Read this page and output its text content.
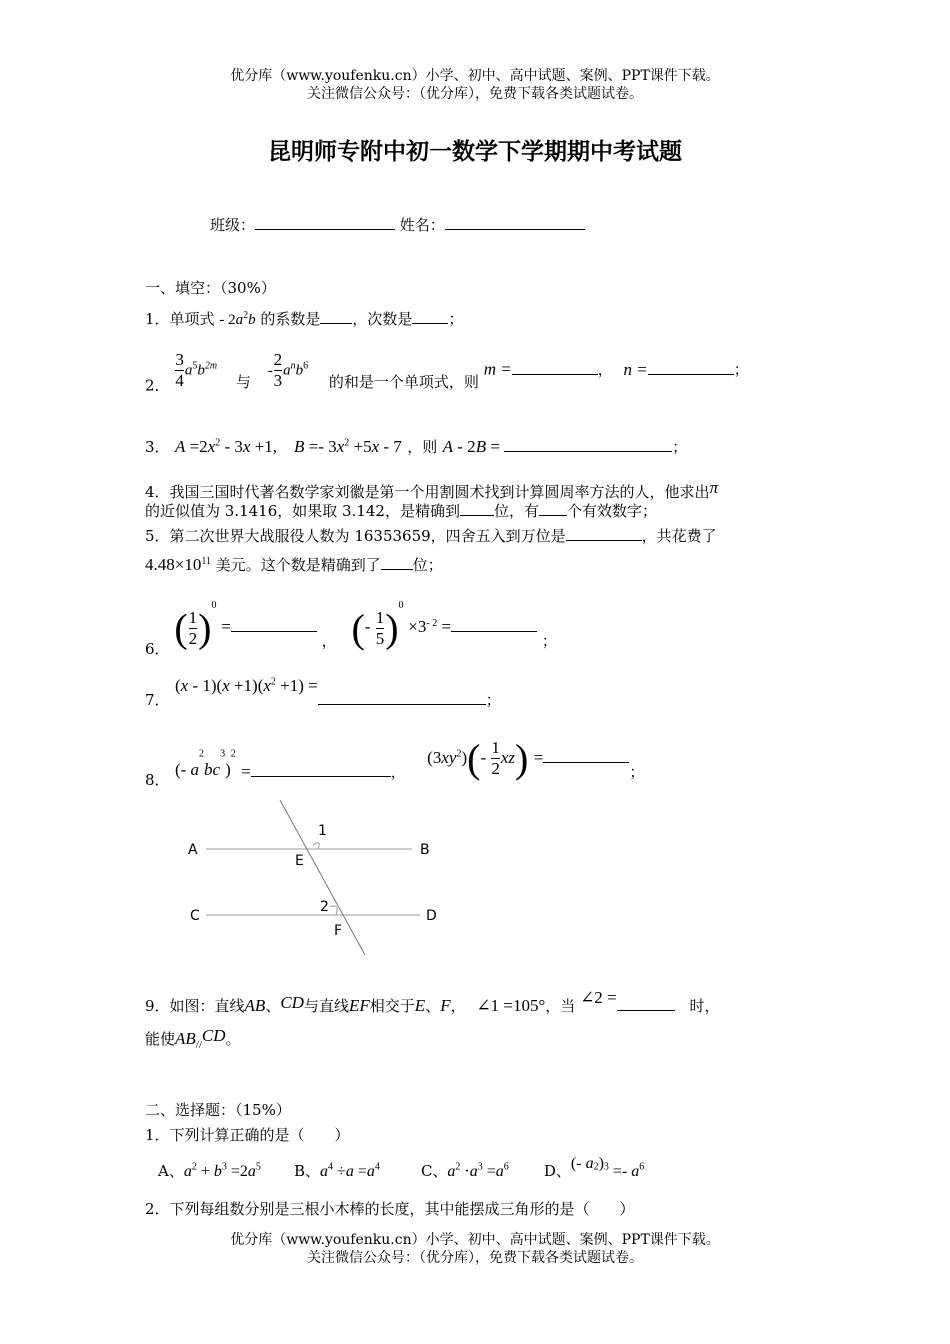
优分库（www.youfenku.cn）小学、初中、高中试题、案例、PPT课件下载。
关注微信公众号：（优分库），免费下载各类试题试卷。
昆明师专附中初一数学下学期期中考试题
班级：	姓名：
一、填空：（30%）
1．单项式 - $2a^2b$ 的系数是 ，次数是 ；
2． $\frac{3}{4} a^5b^{2m}$ 与 - $\frac{2}{3} a^nb^6$ 的和是一个单项式，则 m =	， n =	；
3． $A =2x^2 - 3x +1$,　$B =- 3x^2 +5x - 7$ ，则 A - 2B =	；
4．我国三国时代著名数学家刘徽是第一个用割圆术找到计算圆周率方法的人，他求出π
的近似值为 3.1416，如果取 3.142，是精确到 位，有 个有效数字；
5．第二次世界大战服役人数为 16353659，四舍五入到万位是	，共花费了
$4.48\times 10^{11}$ 美元。这个数是精确到了 位；
6． ( $\frac{1}{2} )^0$ = ， (- $\frac{1}{5} )^0 \times 3^{- 2}$ = ；
7． $(x - 1)(x +1)(x^2 +1)$ =；
8． (- $a^2bc^3)^2$ =	， $(3xy^2)(- \frac{1}{2} xz)$ =；
A	B
C	D
E
F
1
2
9．如图：直线AB、CD与直线EF相交于E、F， ∠1 =105°，当 ∠2 =	时，
能使$AB_{//}CD$。
二、选择题：（15%）
1．下列计算正确的是（　　）
A、$a^2 + b^3 =2a^5$ B、$a^4 \div a =a^4$	C、$a^2 \cdot a^3 =a^6$ D、(- $a^2)^3 =- a^6$
2．下列每组数分别是三根小木棒的长度，其中能摆成三角形的是（　　）
优分库（www.youfenku.cn）小学、初中、高中试题、案例、PPT课件下载。
关注微信公众号：（优分库），免费下载各类试题试卷。
